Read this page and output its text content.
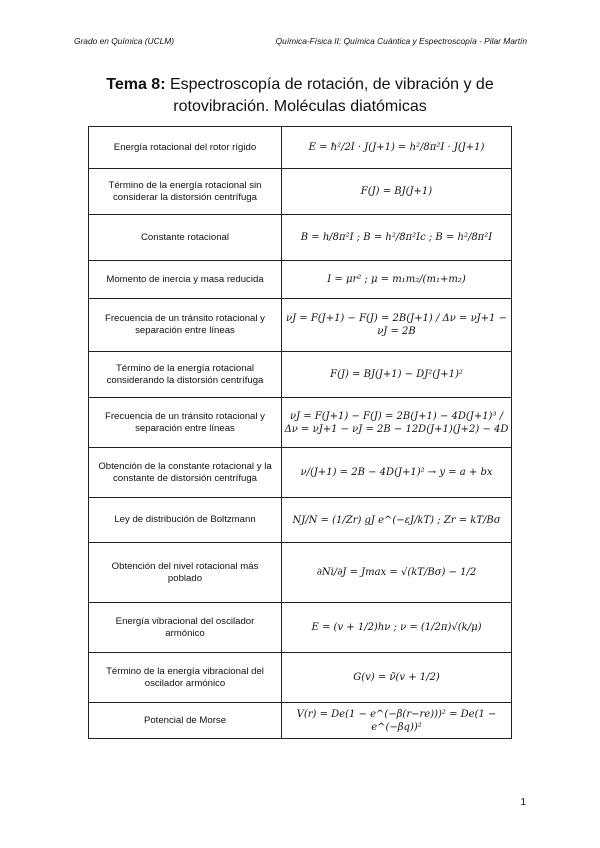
Grado en Química (UCLM)	Química-Física II: Química Cuántica y Espectroscopía - Pilar Martín
Tema 8: Espectroscopía de rotación, de vibración y de rotovibración. Moléculas diatómicas
Energía rotacional del rotor rígido	E = ħ²/2I · J(J+1) = h²/8π²I · J(J+1)
Término de la energía rotacional sin considerar la distorsión centrífuga	F(J) = BJ(J+1)
Constante rotacional	B = h/8π²I ; B = h²/8π²Ic ; B = h²/8π²I
Momento de inercia y masa reducida	I = μr² ; μ = m₁m₂/(m₁+m₂)
Frecuencia de un tránsito rotacional y separación entre líneas	νJ = F(J+1) − F(J) = 2B(J+1) / Δν = νJ+1 − νJ = 2B
Término de la energía rotacional considerando la distorsión centrífuga	F(J) = BJ(J+1) − DJ²(J+1)²
Frecuencia de un tránsito rotacional y separación entre líneas	νJ = F(J+1) − F(J) = 2B(J+1) − 4D(J+1)³ / Δν = νJ+1 − νJ = 2B − 12D(J+1)(J+2) − 4D
Obtención de la constante rotacional y la constante de distorsión centrífuga	ν/(J+1) = 2B − 4D(J+1)² → y = a + bx
Ley de distribución de Boltzmann	NJ/N = (1/Zr) gJ e^(−εJ/kT) ; Zr = kT/Bσ
Obtención del nivel rotacional más poblado	∂Ni/∂J = Jmax = √(kT/Bσ) − 1/2
Energía vibracional del oscilador armónico	E = (v + 1/2)hν ; ν = (1/2π)√(k/μ)
Término de la energía vibracional del oscilador armónico	G(v) = ν̃(v + 1/2)
Potencial de Morse	V(r) = De(1 − e^(−β(r−re)))² = De(1 − e^(−βq))²
1
